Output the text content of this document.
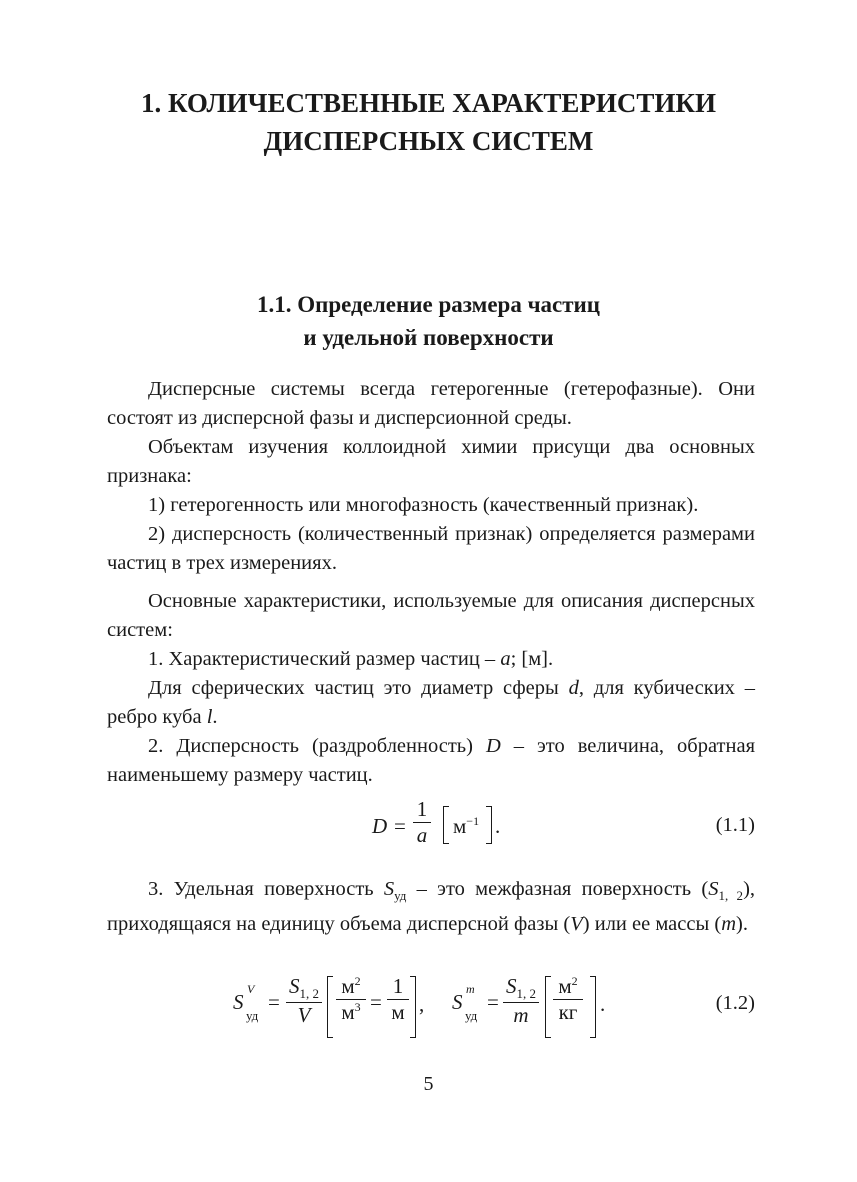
1. КОЛИЧЕСТВЕННЫЕ ХАРАКТЕРИСТИКИ
ДИСПЕРСНЫХ СИСТЕМ
1.1. Определение размера частиц
и удельной поверхности

Дисперсные системы всегда гетерогенные (гетерофазные). Они состоят из дисперсной фазы и дисперсионной среды.

Объектам изучения коллоидной химии присущи два основных признака:

1) гетерогенность или многофазность (качественный признак).

2) дисперсность (количественный признак) определяется размерами частиц в трех измерениях.

Основные характеристики, используемые для описания дисперсных систем:

1. Характеристический размер частиц – a; [м].

Для сферических частиц это диаметр сферы d, для кубических – ребро куба l.

2. Дисперсность (раздробленность) D – это величина, обратная наименьшему размеру частиц.

D =
1
a $м^{-1}$ .	(1.1)

3. Удельная поверхность $S_{уд}$ – это межфазная поверхность $(S_{1, 2})$, приходящаяся на единицу объема дисперсной фазы (V) или ее массы (m).

S
V
уд
=
$S_{1, 2}$
V
$м^2$
$м^3$ =
1
м , S
m
уд
=
$S_{1, 2}$
m
$м^2$
кг .	(1.2)
5
